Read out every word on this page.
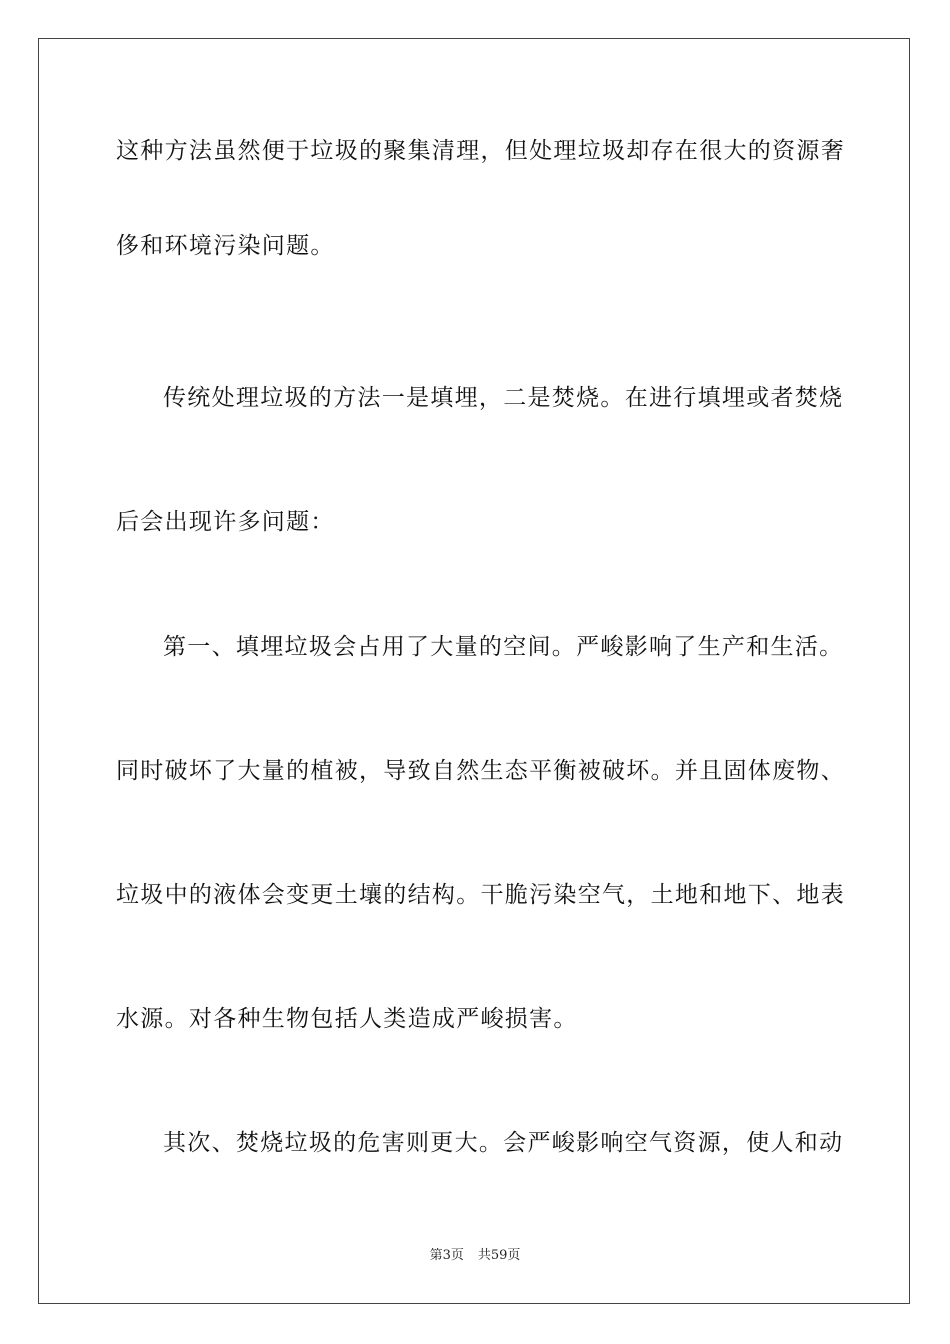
这种方法虽然便于垃圾的聚集清理，但处理垃圾却存在很大的资源奢
侈和环境污染问题。
传统处理垃圾的方法一是填埋，二是焚烧。在进行填埋或者焚烧
后会出现许多问题：
第一、填埋垃圾会占用了大量的空间。严峻影响了生产和生活。
同时破坏了大量的植被，导致自然生态平衡被破坏。并且固体废物、
垃圾中的液体会变更土壤的结构。干脆污染空气，土地和地下、地表
水源。对各种生物包括人类造成严峻损害。
其次、焚烧垃圾的危害则更大。会严峻影响空气资源，使人和动
第3页 共59页
